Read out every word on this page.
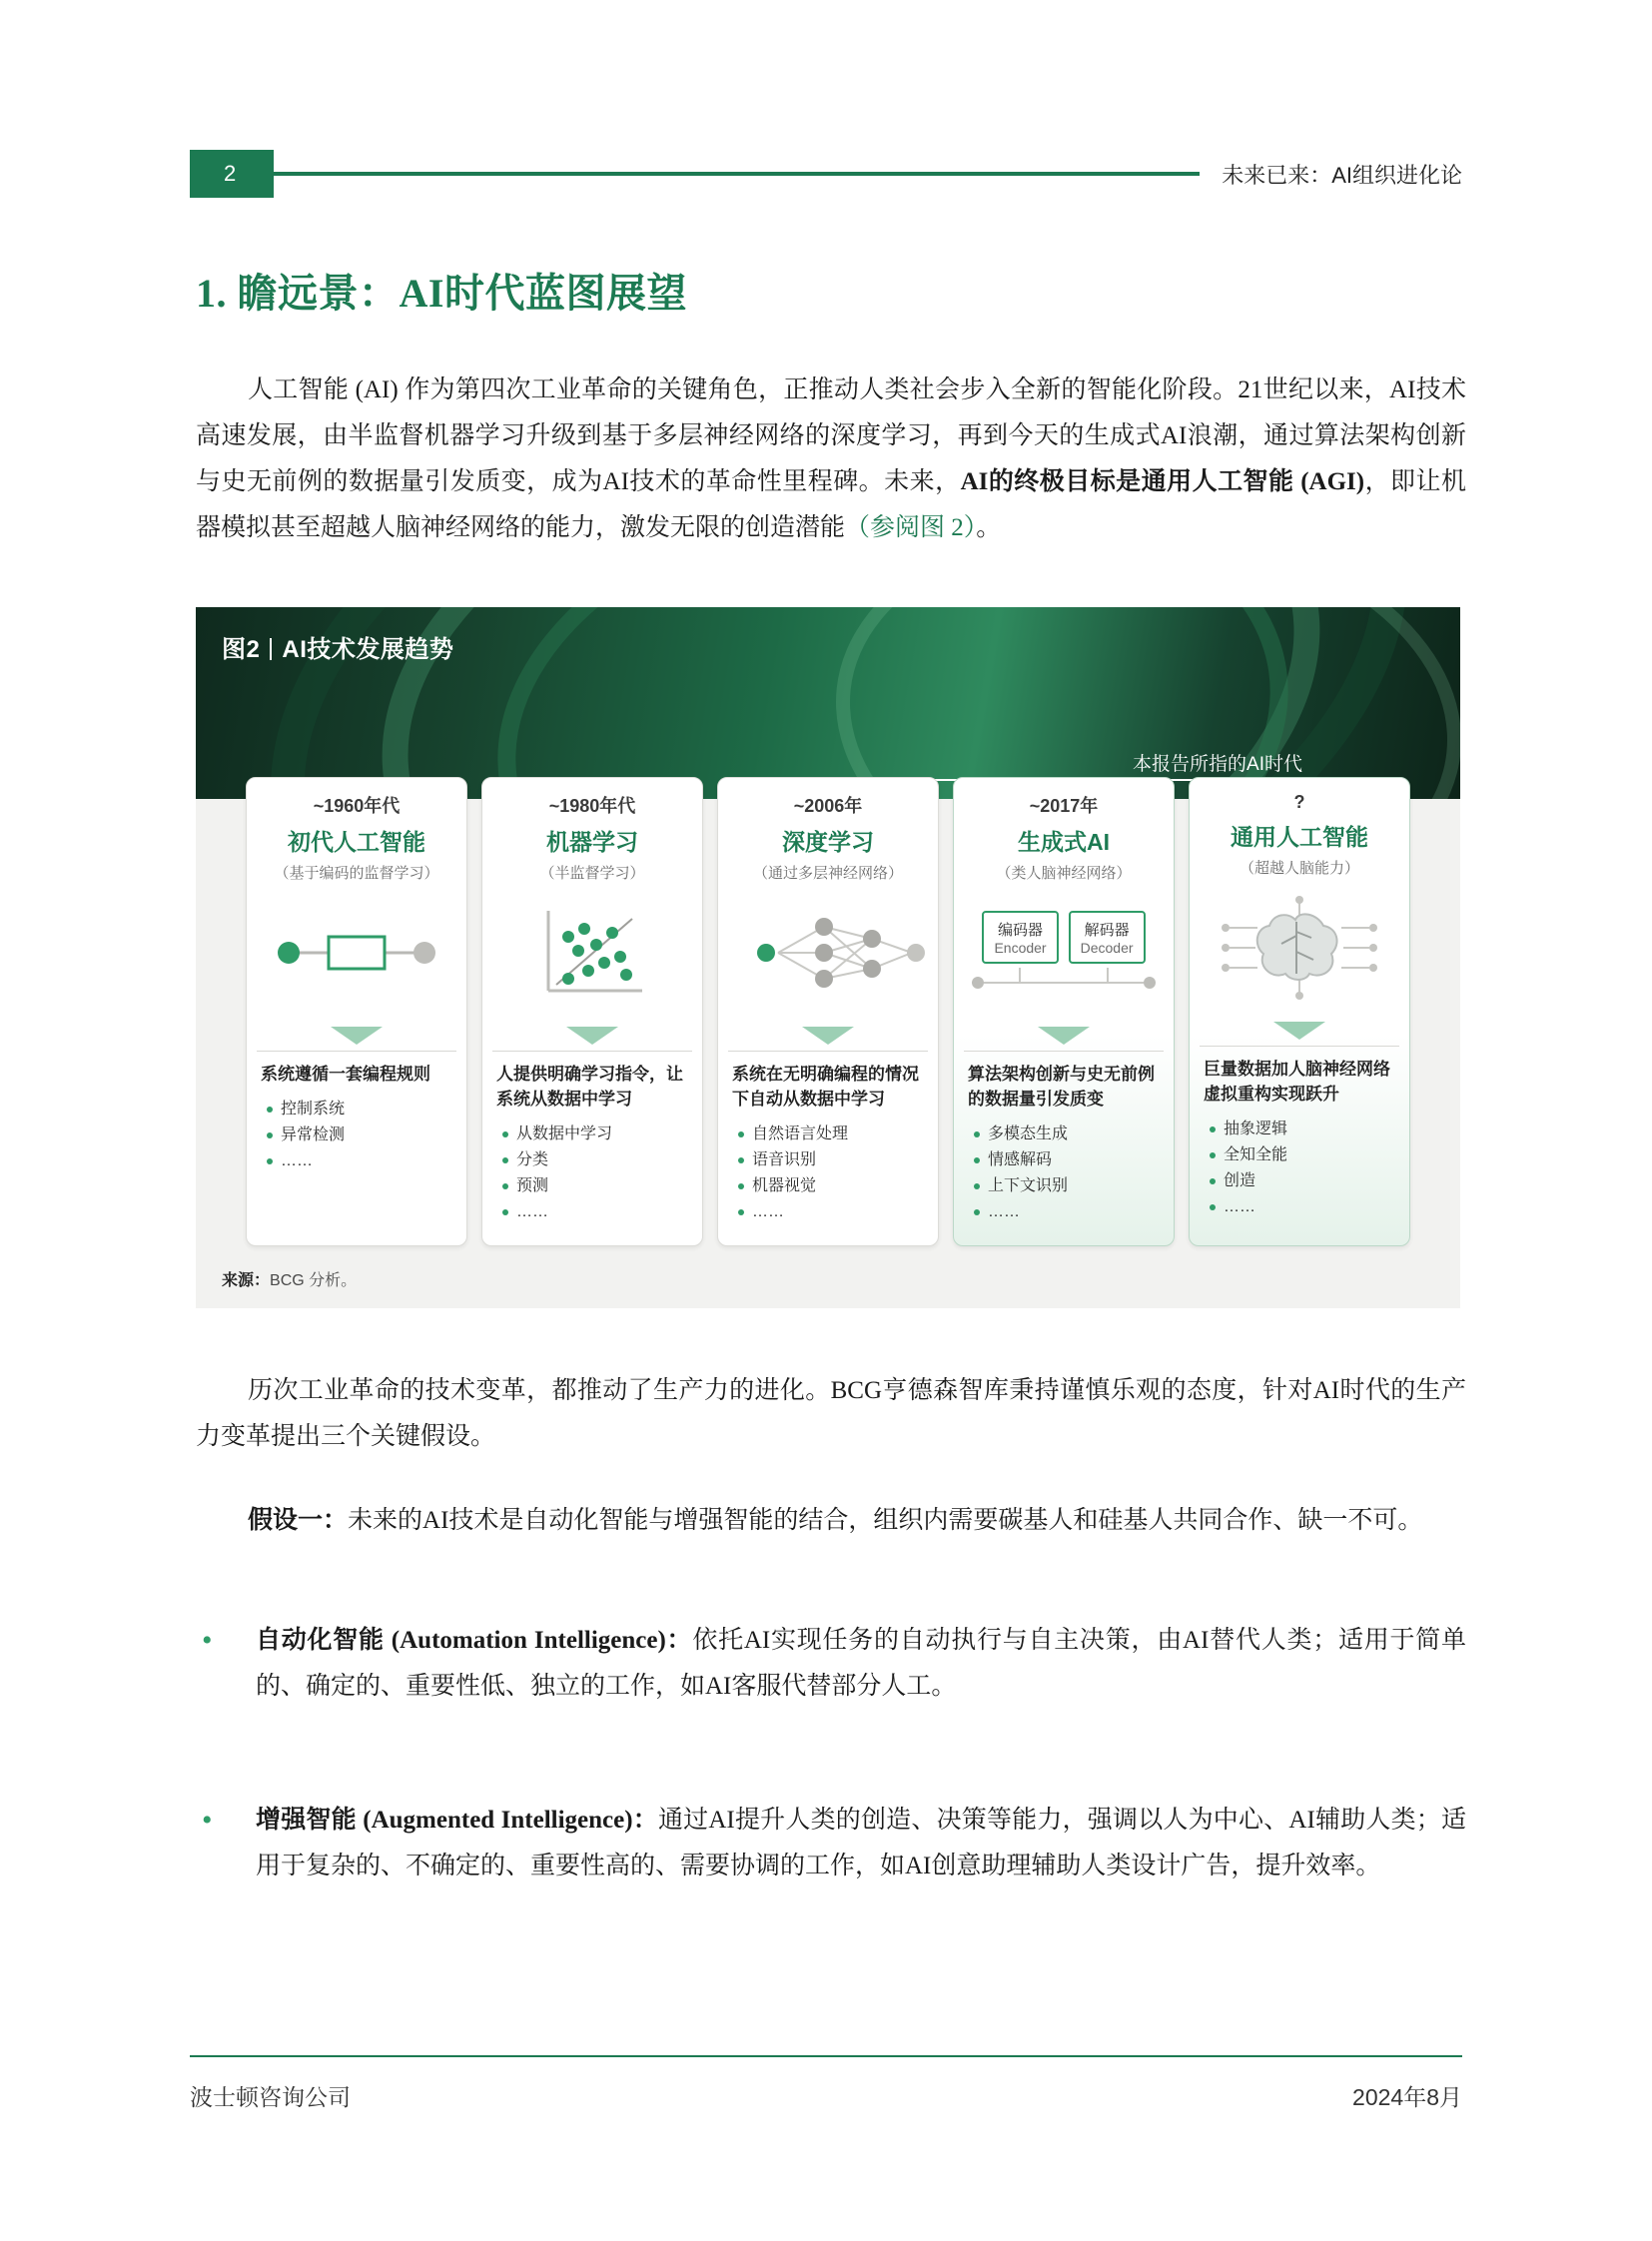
2	未来已来：AI组织进化论
1. 瞻远景：AI时代蓝图展望
人工智能 (AI) 作为第四次工业革命的关键角色，正推动人类社会步入全新的智能化阶段。21世纪以来，AI技术高速发展，由半监督机器学习升级到基于多层神经网络的深度学习，再到今天的生成式AI浪潮，通过算法架构创新与史无前例的数据量引发质变，成为AI技术的革命性里程碑。未来，AI的终极目标是通用人工智能 (AGI)，即让机器模拟甚至超越人脑神经网络的能力，激发无限的创造潜能（参阅图 2）。
图2 AI技术发展趋势
本报告所指的AI时代
~1960年代
初代人工智能
（基于编码的监督学习）
系统遵循一套编程规则
控制系统
异常检测
……
~1980年代
机器学习
（半监督学习）
人提供明确学习指令，让系统从数据中学习
从数据中学习
分类
预测
……
~2006年
深度学习
（通过多层神经网络）
系统在无明确编程的情况下自动从数据中学习
自然语言处理
语音识别
机器视觉
……
~2017年
生成式AI
（类人脑神经网络）
编码器
Encoder
解码器
Decoder
算法架构创新与史无前例的数据量引发质变
多模态生成
情感解码
上下文识别
……
?
通用人工智能
（超越人脑能力）
巨量数据加人脑神经网络虚拟重构实现跃升
抽象逻辑
全知全能
创造
……
来源：BCG 分析。
历次工业革命的技术变革，都推动了生产力的进化。BCG亨德森智库秉持谨慎乐观的态度，针对AI时代的生产力变革提出三个关键假设。
假设一：未来的AI技术是自动化智能与增强智能的结合，组织内需要碳基人和硅基人共同合作、缺一不可。
•	自动化智能 (Automation Intelligence)：依托AI实现任务的自动执行与自主决策，由AI替代人类；适用于简单的、确定的、重要性低、独立的工作，如AI客服代替部分人工。
•	增强智能 (Augmented Intelligence)：通过AI提升人类的创造、决策等能力，强调以人为中心、AI辅助人类；适用于复杂的、不确定的、重要性高的、需要协调的工作，如AI创意助理辅助人类设计广告，提升效率。
波士顿咨询公司	2024年8月
